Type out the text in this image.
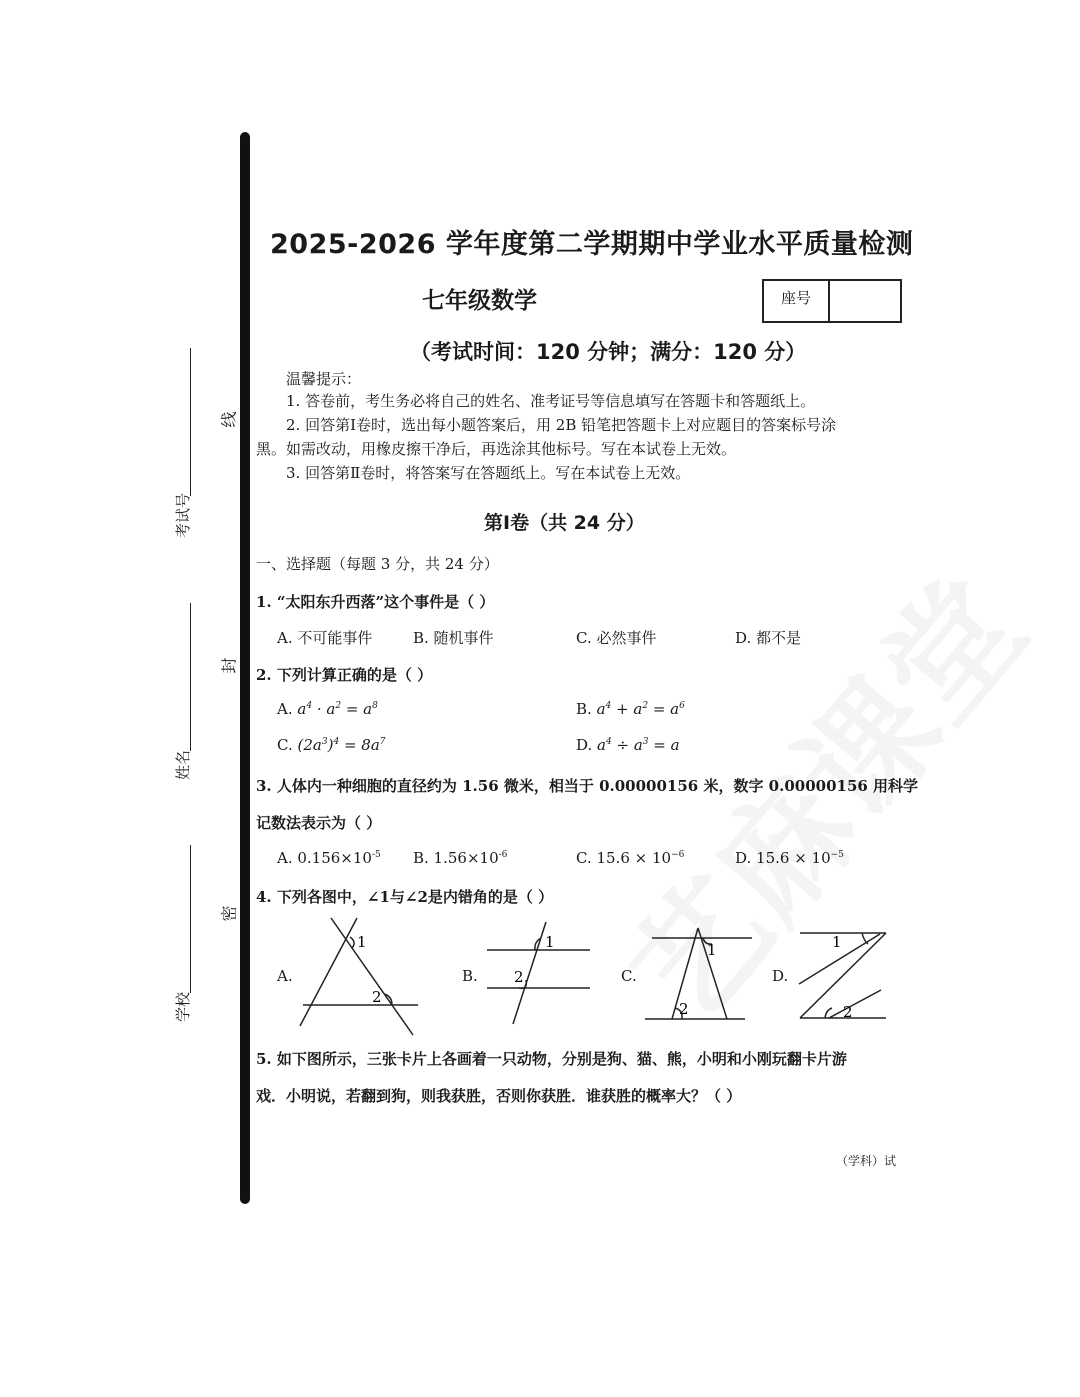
考试号
姓名
学校
线
封
密
2025-2026 学年度第二学期期中学业水平质量检测
七年级数学	座号
（考试时间：120 分钟；满分：120 分）
温馨提示：
1. 答卷前，考生务必将自己的姓名、准考证号等信息填写在答题卡和答题纸上。
2. 回答第Ⅰ卷时，选出每小题答案后，用 2B 铅笔把答题卡上对应题目的答案标号涂
黑。如需改动，用橡皮擦干净后，再选涂其他标号。写在本试卷上无效。
3. 回答第Ⅱ卷时，将答案写在答题纸上。写在本试卷上无效。
第Ⅰ卷（共 24 分）
一、选择题（每题 3 分，共 24 分）
1. “太阳东升西落”这个事件是（ ）
A. 不可能事件	B. 随机事件	C. 必然事件	D. 都不是
2. 下列计算正确的是（ ）
A. $a^4 \cdot a^2 = a^8$	B. $a^4 + a^2 = a^6$
C. $(2a^3)^4 = 8a^7$	D. $a^4 \div a^3 = a$
3. 人体内一种细胞的直径约为 1.56 微米，相当于 0.00000156 米，数字 0.00000156 用科学
记数法表示为（ ）
A. $0.156\times 10^{-5}$ B. $1.56\times 10^{-6}$	C. $15.6 \times 10^{-6}$	D. $15.6 \times 10^{-5}$
4. 下列各图中，∠1与∠2是内错角的是（ ）
A.	B.	C.	D.
1
2
1
2
1
2
1
2
5. 如下图所示，三张卡片上各画着一只动物，分别是狗、猫、熊，小明和小刚玩翻卡片游
戏．小明说，若翻到狗，则我获胜，否则你获胜．谁获胜的概率大？（ ）
（学科）试
